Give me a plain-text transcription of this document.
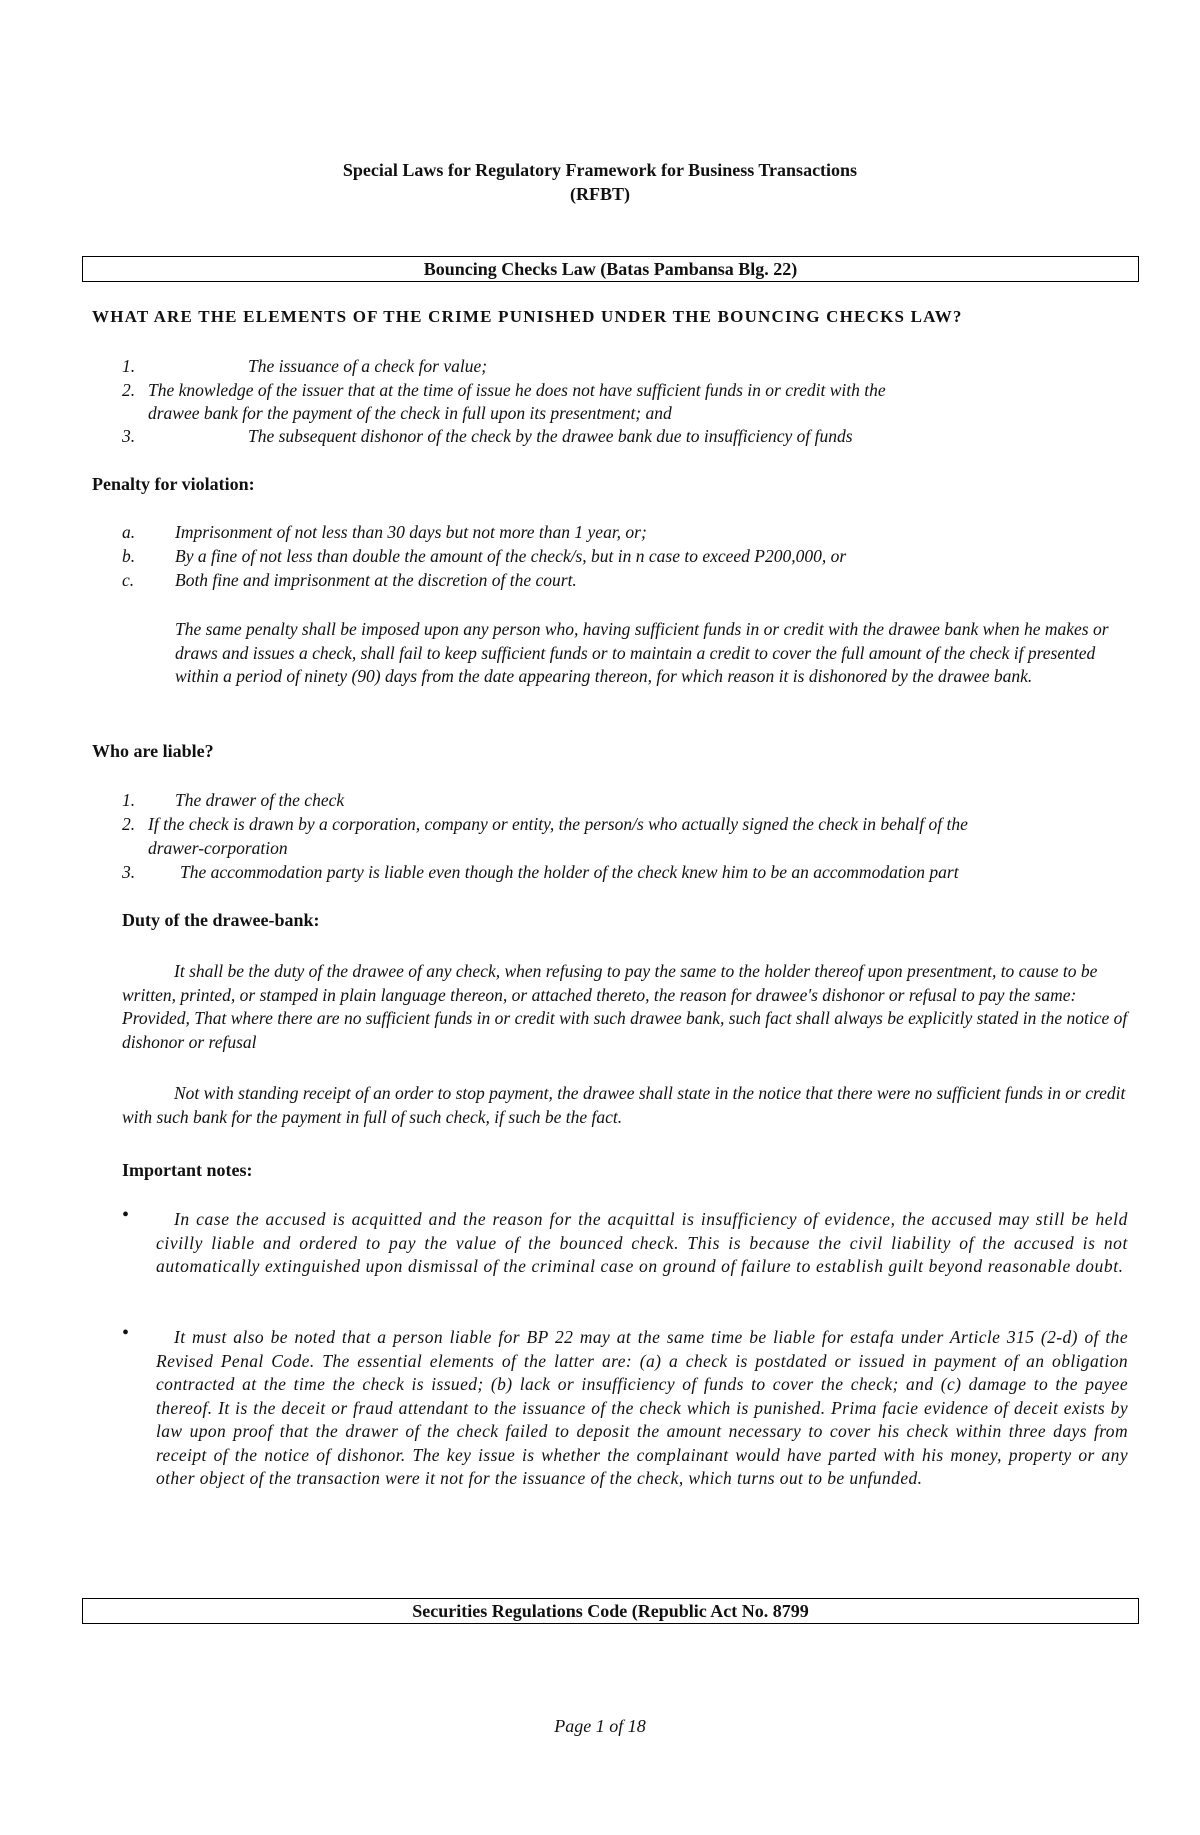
Special Laws for Regulatory Framework for Business Transactions
(RFBT)
Bouncing Checks Law (Batas Pambansa Blg. 22)
WHAT ARE THE ELEMENTS OF THE CRIME PUNISHED UNDER THE BOUNCING CHECKS LAW?
1.	The issuance of a check for value;
2. The knowledge of the issuer that at the time of issue he does not have sufficient funds in or credit with the
drawee bank for the payment of the check in full upon its presentment; and
3.	The subsequent dishonor of the check by the drawee bank due to insufficiency of funds
Penalty for violation:
a. Imprisonment of not less than 30 days but not more than 1 year, or;
b. By a fine of not less than double the amount of the check/s, but in n case to exceed P200,000, or
c. Both fine and imprisonment at the discretion of the court.
The same penalty shall be imposed upon any person who, having sufficient funds in or credit with the drawee bank when he makes or draws and issues a check, shall fail to keep sufficient funds or to maintain a credit to cover the full amount of the check if presented within a period of ninety (90) days from the date appearing thereon, for which reason it is dishonored by the drawee bank.
Who are liable?
1. The drawer of the check
2. If the check is drawn by a corporation, company or entity, the person/s who actually signed the check in behalf of the
drawer-corporation
3.	The accommodation party is liable even though the holder of the check knew him to be an accommodation part
Duty of the drawee-bank:
It shall be the duty of the drawee of any check, when refusing to pay the same to the holder thereof upon presentment, to cause to be written, printed, or stamped in plain language thereon, or attached thereto, the reason for drawee's dishonor or refusal to pay the same: Provided, That where there are no sufficient funds in or credit with such drawee bank, such fact shall always be explicitly stated in the notice of dishonor or refusal
Not with standing receipt of an order to stop payment, the drawee shall state in the notice that there were no sufficient funds in or credit with such bank for the payment in full of such check, if such be the fact.
Important notes:
•	In case the accused is acquitted and the reason for the acquittal is insufficiency of evidence, the accused may still be held civilly liable and ordered to pay the value of the bounced check. This is because the civil liability of the accused is not automatically extinguished upon dismissal of the criminal case on ground of failure to establish guilt beyond reasonable doubt.
•	It must also be noted that a person liable for BP 22 may at the same time be liable for estafa under Article 315 (2-d) of the Revised Penal Code. The essential elements of the latter are: (a) a check is postdated or issued in payment of an obligation contracted at the time the check is issued; (b) lack or insufficiency of funds to cover the check; and (c) damage to the payee thereof. It is the deceit or fraud attendant to the issuance of the check which is punished. Prima facie evidence of deceit exists by law upon proof that the drawer of the check failed to deposit the amount necessary to cover his check within three days from receipt of the notice of dishonor. The key issue is whether the complainant would have parted with his money, property or any other object of the transaction were it not for the issuance of the check, which turns out to be unfunded.
Securities Regulations Code (Republic Act No. 8799
Page 1 of 18
